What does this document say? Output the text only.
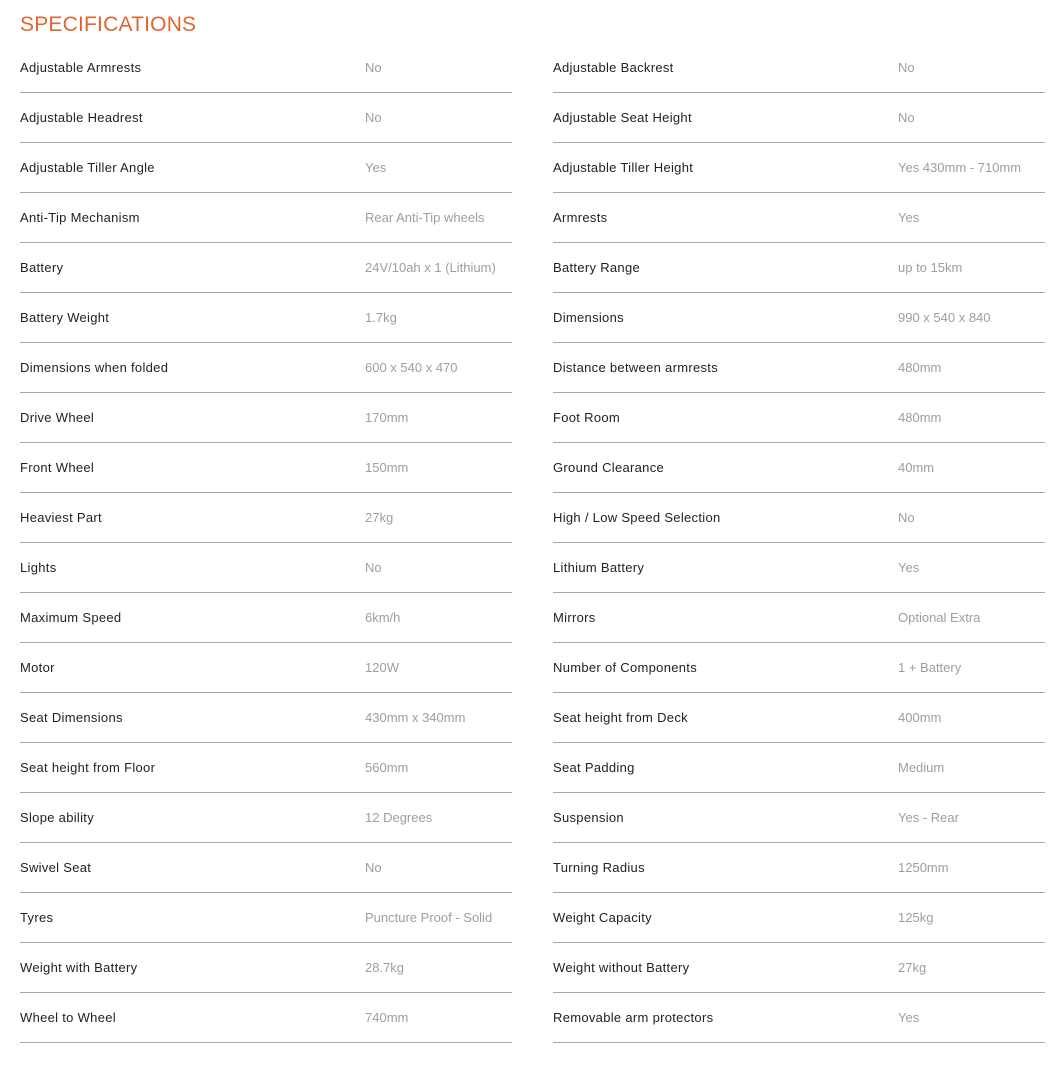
SPECIFICATIONS
Adjustable Armrests	No
Adjustable Headrest	No
Adjustable Tiller Angle	Yes
Anti-Tip Mechanism	Rear Anti-Tip wheels
Battery	24V/10ah x 1 (Lithium)
Battery Weight	1.7kg
Dimensions when folded	600 x 540 x 470
Drive Wheel	170mm
Front Wheel	150mm
Heaviest Part	27kg
Lights	No
Maximum Speed	6km/h
Motor	120W
Seat Dimensions	430mm x 340mm
Seat height from Floor	560mm
Slope ability	12 Degrees
Swivel Seat	No
Tyres	Puncture Proof - Solid
Weight with Battery	28.7kg
Wheel to Wheel	740mm
Adjustable Backrest	No
Adjustable Seat Height	No
Adjustable Tiller Height	Yes 430mm - 710mm
Armrests	Yes
Battery Range	up to 15km
Dimensions	990 x 540 x 840
Distance between armrests	480mm
Foot Room	480mm
Ground Clearance	40mm
High / Low Speed Selection	No
Lithium Battery	Yes
Mirrors	Optional Extra
Number of Components	1 + Battery
Seat height from Deck	400mm
Seat Padding	Medium
Suspension	Yes - Rear
Turning Radius	1250mm
Weight Capacity	125kg
Weight without Battery	27kg
Removable arm protectors	Yes
